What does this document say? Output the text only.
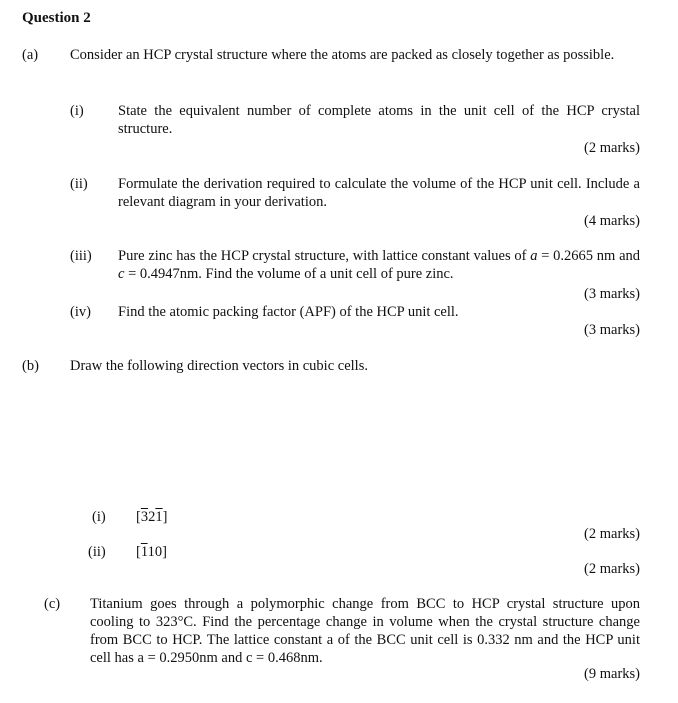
Question 2
(a) Consider an HCP crystal structure where the atoms are packed as closely together as possible.
(i) State the equivalent number of complete atoms in the unit cell of the HCP crystal structure.
(2 marks)
(ii) Formulate the derivation required to calculate the volume of the HCP unit cell. Include a relevant diagram in your derivation.
(4 marks)
(iii) Pure zinc has the HCP crystal structure, with lattice constant values of a = 0.2665 nm and c = 0.4947nm. Find the volume of a unit cell of pure zinc.
(3 marks)
(iv) Find the atomic packing factor (APF) of the HCP unit cell.
(3 marks)
(b) Draw the following direction vectors in cubic cells.
(i) [321]
(2 marks)
(ii) [110]
(2 marks)
(c) Titanium goes through a polymorphic change from BCC to HCP crystal structure upon cooling to 323°C. Find the percentage change in volume when the crystal structure change from BCC to HCP. The lattice constant a of the BCC unit cell is 0.332 nm and the HCP unit cell has a = 0.2950nm and c = 0.468nm.
(9 marks)
